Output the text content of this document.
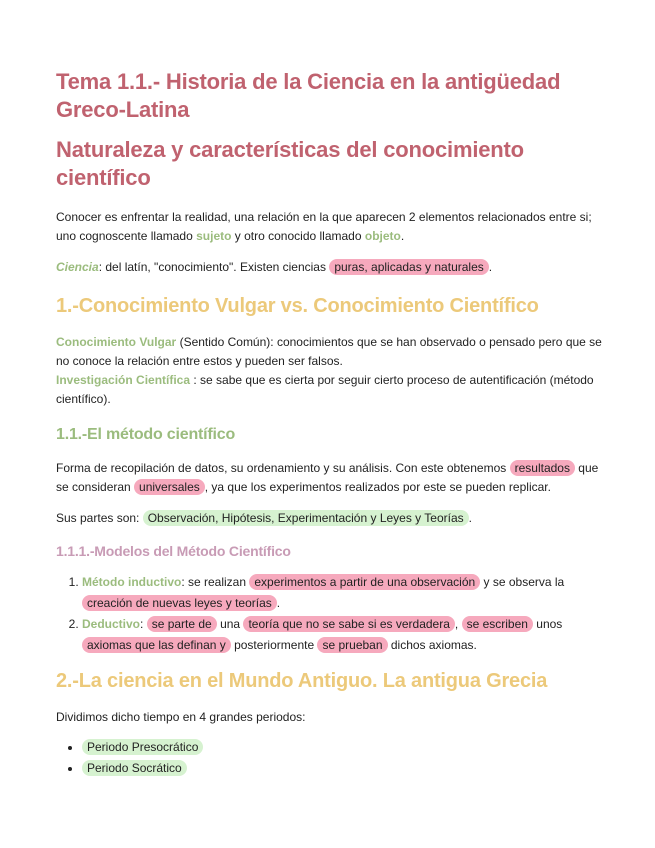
Tema 1.1.- Historia de la Ciencia en la antigüedad Greco-Latina
Naturaleza y características del conocimiento científico

Conocer es enfrentar la realidad, una relación en la que aparecen 2 elementos relacionados entre si; uno cognoscente llamado sujeto y otro conocido llamado objeto.

Ciencia: del latín, "conocimiento". Existen ciencias puras, aplicadas y naturales .

1.-Conocimiento Vulgar vs. Conocimiento Científico

Conocimiento Vulgar (Sentido Común): conocimientos que se han observado o pensado pero que se no conoce la relación entre estos y pueden ser falsos.

Investigación Científica : se sabe que es cierta por seguir cierto proceso de autentificación (método científico).

1.1.-El método científico

Forma de recopilación de datos, su ordenamiento y su análisis. Con este obtenemos resultados que se consideran universales , ya que los experimentos realizados por este se pueden replicar.

Sus partes son: Observación, Hipótesis, Experimentación y Leyes y Teorías .

1.1.1.-Modelos del Método Científico
1. Método inductivo: se realizan experimentos a partir de una observación y se observa la creación de nuevas leyes y teorías .
2. Deductivo: se parte de una teoría que no se sabe si es verdadera , se escriben unos axiomas que las definan y posteriormente se prueban dichos axiomas.
2.-La ciencia en el Mundo Antiguo. La antigua Grecia

Dividimos dicho tiempo en 4 grandes periodos:

• Periodo Presocrático
• Periodo Socrático
